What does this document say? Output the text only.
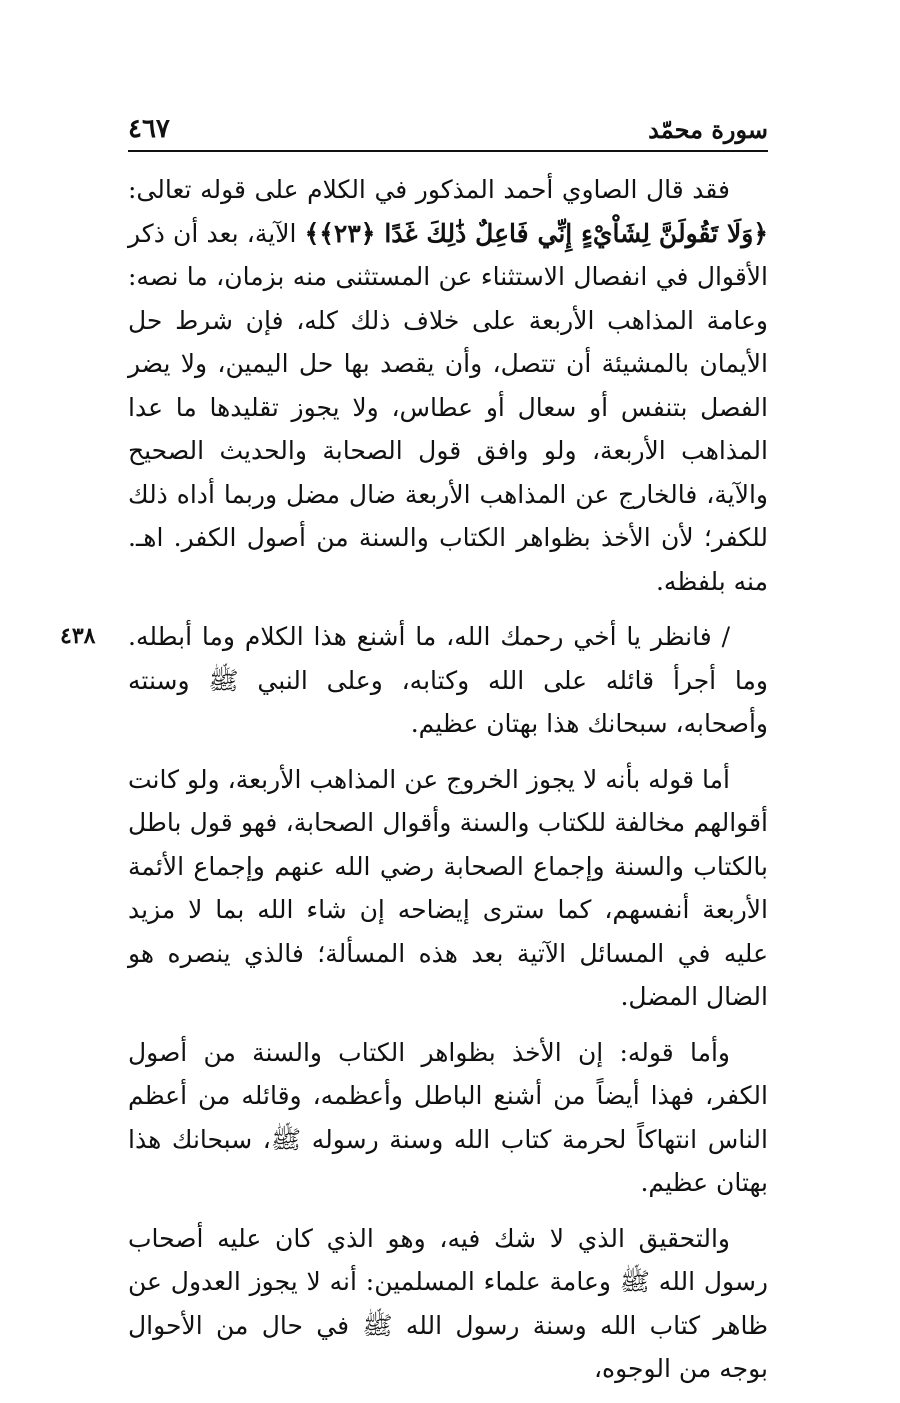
سورة محمّد
٤٦٧

فقد قال الصاوي أحمد المذكور في الكلام على قوله تعالى: ﴿وَلَا تَقُولَنَّ لِشَاْيْءٍ إِنِّي فَاعِلٌ ذَٰلِكَ غَدًا ﴿٢٣﴾﴾ الآية، بعد أن ذكر الأقوال في انفصال الاستثناء عن المستثنى منه بزمان، ما نصه: وعامة المذاهب الأربعة على خلاف ذلك كله، فإن شرط حل الأيمان بالمشيئة أن تتصل، وأن يقصد بها حل اليمين، ولا يضر الفصل بتنفس أو سعال أو عطاس، ولا يجوز تقليدها ما عدا المذاهب الأربعة، ولو وافق قول الصحابة والحديث الصحيح والآية، فالخارج عن المذاهب الأربعة ضال مضل وربما أداه ذلك للكفر؛ لأن الأخذ بظواهر الكتاب والسنة من أصول الكفر. اهـ. منه بلفظه.

٤٣٨	/ فانظر يا أخي رحمك الله، ما أشنع هذا الكلام وما أبطله. وما أجرأ قائله على الله وكتابه، وعلى النبي ﷺ وسنته وأصحابه، سبحانك هذا بهتان عظيم.

أما قوله بأنه لا يجوز الخروج عن المذاهب الأربعة، ولو كانت أقوالهم مخالفة للكتاب والسنة وأقوال الصحابة، فهو قول باطل بالكتاب والسنة وإجماع الصحابة رضي الله عنهم وإجماع الأئمة الأربعة أنفسهم، كما سترى إيضاحه إن شاء الله بما لا مزيد عليه في المسائل الآتية بعد هذه المسألة؛ فالذي ينصره هو الضال المضل.

وأما قوله: إن الأخذ بظواهر الكتاب والسنة من أصول الكفر، فهذا أيضاً من أشنع الباطل وأعظمه، وقائله من أعظم الناس انتهاكاً لحرمة كتاب الله وسنة رسوله ﷺ، سبحانك هذا بهتان عظيم.

والتحقيق الذي لا شك فيه، وهو الذي كان عليه أصحاب رسول الله ﷺ وعامة علماء المسلمين: أنه لا يجوز العدول عن ظاهر كتاب الله وسنة رسول الله ﷺ في حال من الأحوال بوجه من الوجوه،
